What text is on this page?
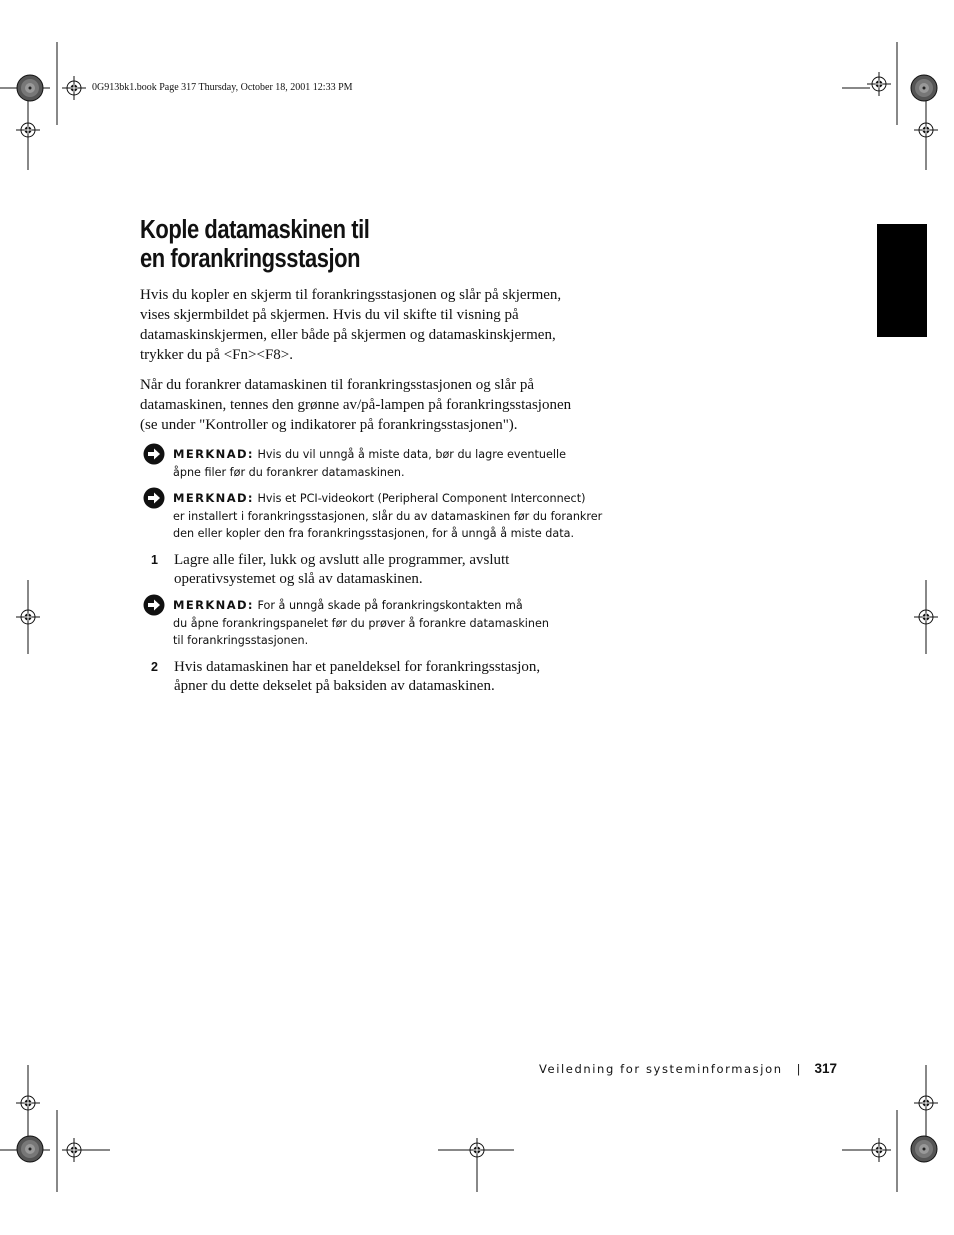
0G913bk1.book Page 317 Thursday, October 18, 2001 12:33 PM
Kople datamaskinen til
en forankringsstasjon

Hvis du kopler en skjerm til forankringsstasjonen og slår på skjermen,
vises skjermbildet på skjermen. Hvis du vil skifte til visning på
datamaskinskjermen, eller både på skjermen og datamaskinskjermen,
trykker du på <Fn><F8>.

Når du forankrer datamaskinen til forankringsstasjonen og slår på
datamaskinen, tennes den grønne av/på-lampen på forankringsstasjonen
(se under "Kontroller og indikatorer på forankringsstasjonen").

MERKNAD: Hvis du vil unngå å miste data, bør du lagre eventuelle
åpne filer før du forankrer datamaskinen.
MERKNAD: Hvis et PCI-videokort (Peripheral Component Interconnect)
er installert i forankringsstasjonen, slår du av datamaskinen før du forankrer
den eller kopler den fra forankringsstasjonen, for å unngå å miste data.
1 Lagre alle filer, lukk og avslutt alle programmer, avslutt
operativsystemet og slå av datamaskinen.
MERKNAD: For å unngå skade på forankringskontakten må
du åpne forankringspanelet før du prøver å forankre datamaskinen
til forankringsstasjonen.
2 Hvis datamaskinen har et paneldeksel for forankringsstasjon,
åpner du dette dekselet på baksiden av datamaskinen.
Veiledning for systeminformasjon | 317
